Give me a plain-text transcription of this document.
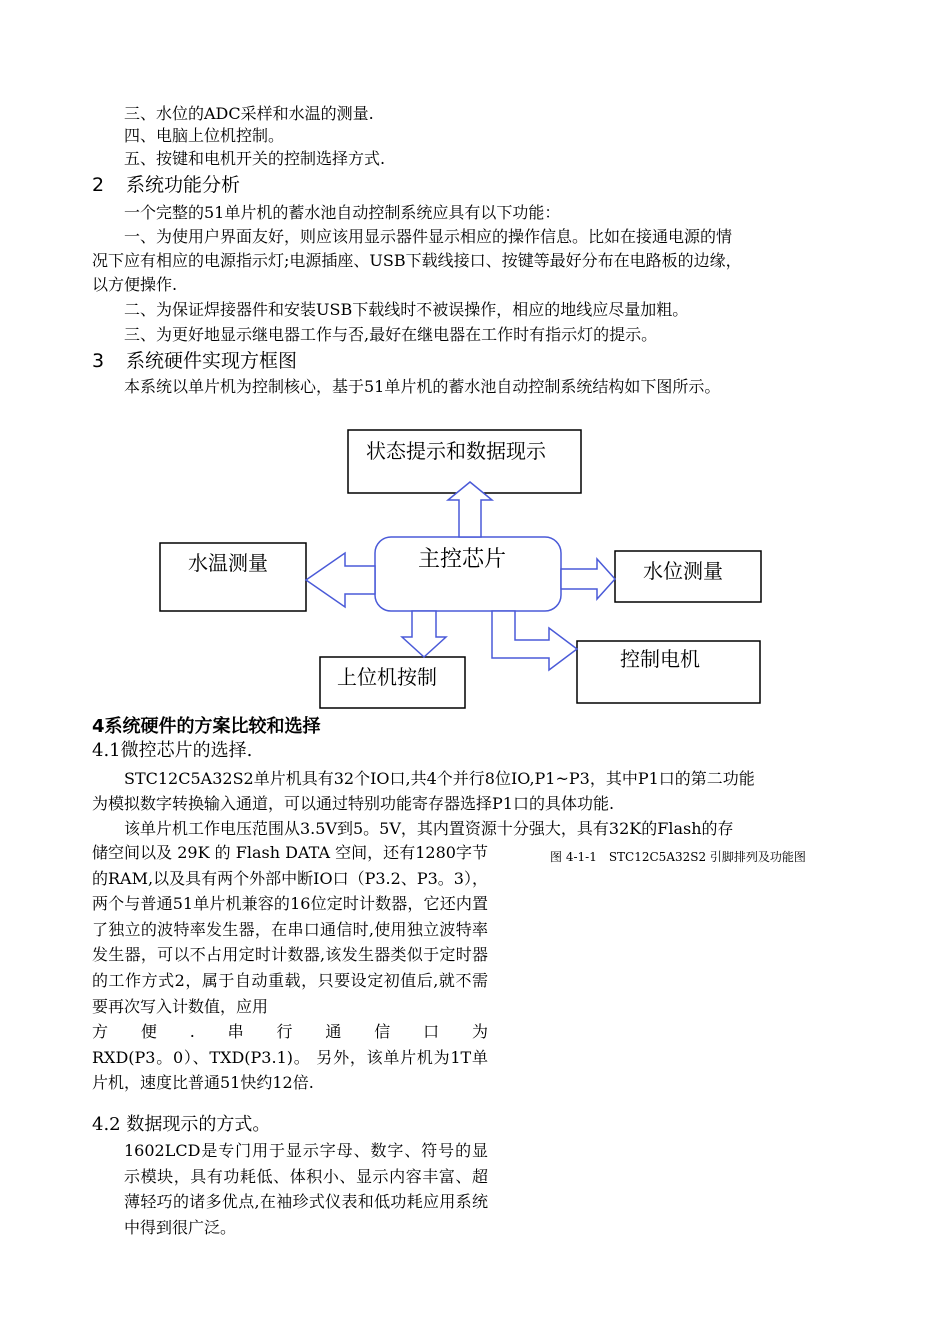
三、水位的ADC采样和水温的测量.
四、电脑上位机控制。
五、按键和电机开关的控制选择方式.
2 系统功能分析
一个完整的51单片机的蓄水池自动控制系统应具有以下功能：
一、为使用户界面友好，则应该用显示器件显示相应的操作信息。比如在接通电源的情
况下应有相应的电源指示灯;电源插座、USB下载线接口、按键等最好分布在电路板的边缘，
以方便操作.
二、为保证焊接器件和安装USB下载线时不被误操作，相应的地线应尽量加粗。
三、为更好地显示继电器工作与否,最好在继电器在工作时有指示灯的提示。
3 系统硬件实现方框图
本系统以单片机为控制核心，基于51单片机的蓄水池自动控制系统结构如下图所示。
状态提示和数据现示
主控芯片
水温测量	水位测量
上位机按制
控制电机
4系统硬件的方案比较和选择
4.1微控芯片的选择.
STC12C5A32S2单片机具有32个IO口,共4个并行8位IO,P1~P3，其中P1口的第二功能
为模拟数字转换输入通道，可以通过特别功能寄存器选择P1口的具体功能.
该单片机工作电压范围从3.5V到5。5V，其内置资源十分强大，具有32K的Flash的存

储空间以及 29K 的 Flash DATA 空间，还有1280字节的RAM,以及具有两个外部中断IO口（P3.2、P3。3），两个与普通51单片机兼容的16位定时计数器，它还内置了独立的波特率发生器，在串口通信时,使用独立波特率发生器，可以不占用定时计数器,该发生器类似于定时器的工作方式2，属于自动重载，只要设定初值后,就不需要再次写入计数值，应用

方　便　.　串　行　通　信　口　为

RXD(P3。0）、TXD(P3.1)。 另外，该单片机为1T单片机，速度比普通51快约12倍.

图 4-1-1　STC12C5A32S2 引脚排列及功能图
4.2 数据现示的方式。

1602LCD是专门用于显示字母、数字、符号的显示模块，具有功耗低、体积小、显示内容丰富、超薄轻巧的诸多优点,在袖珍式仪表和低功耗应用系统中得到很广泛。
